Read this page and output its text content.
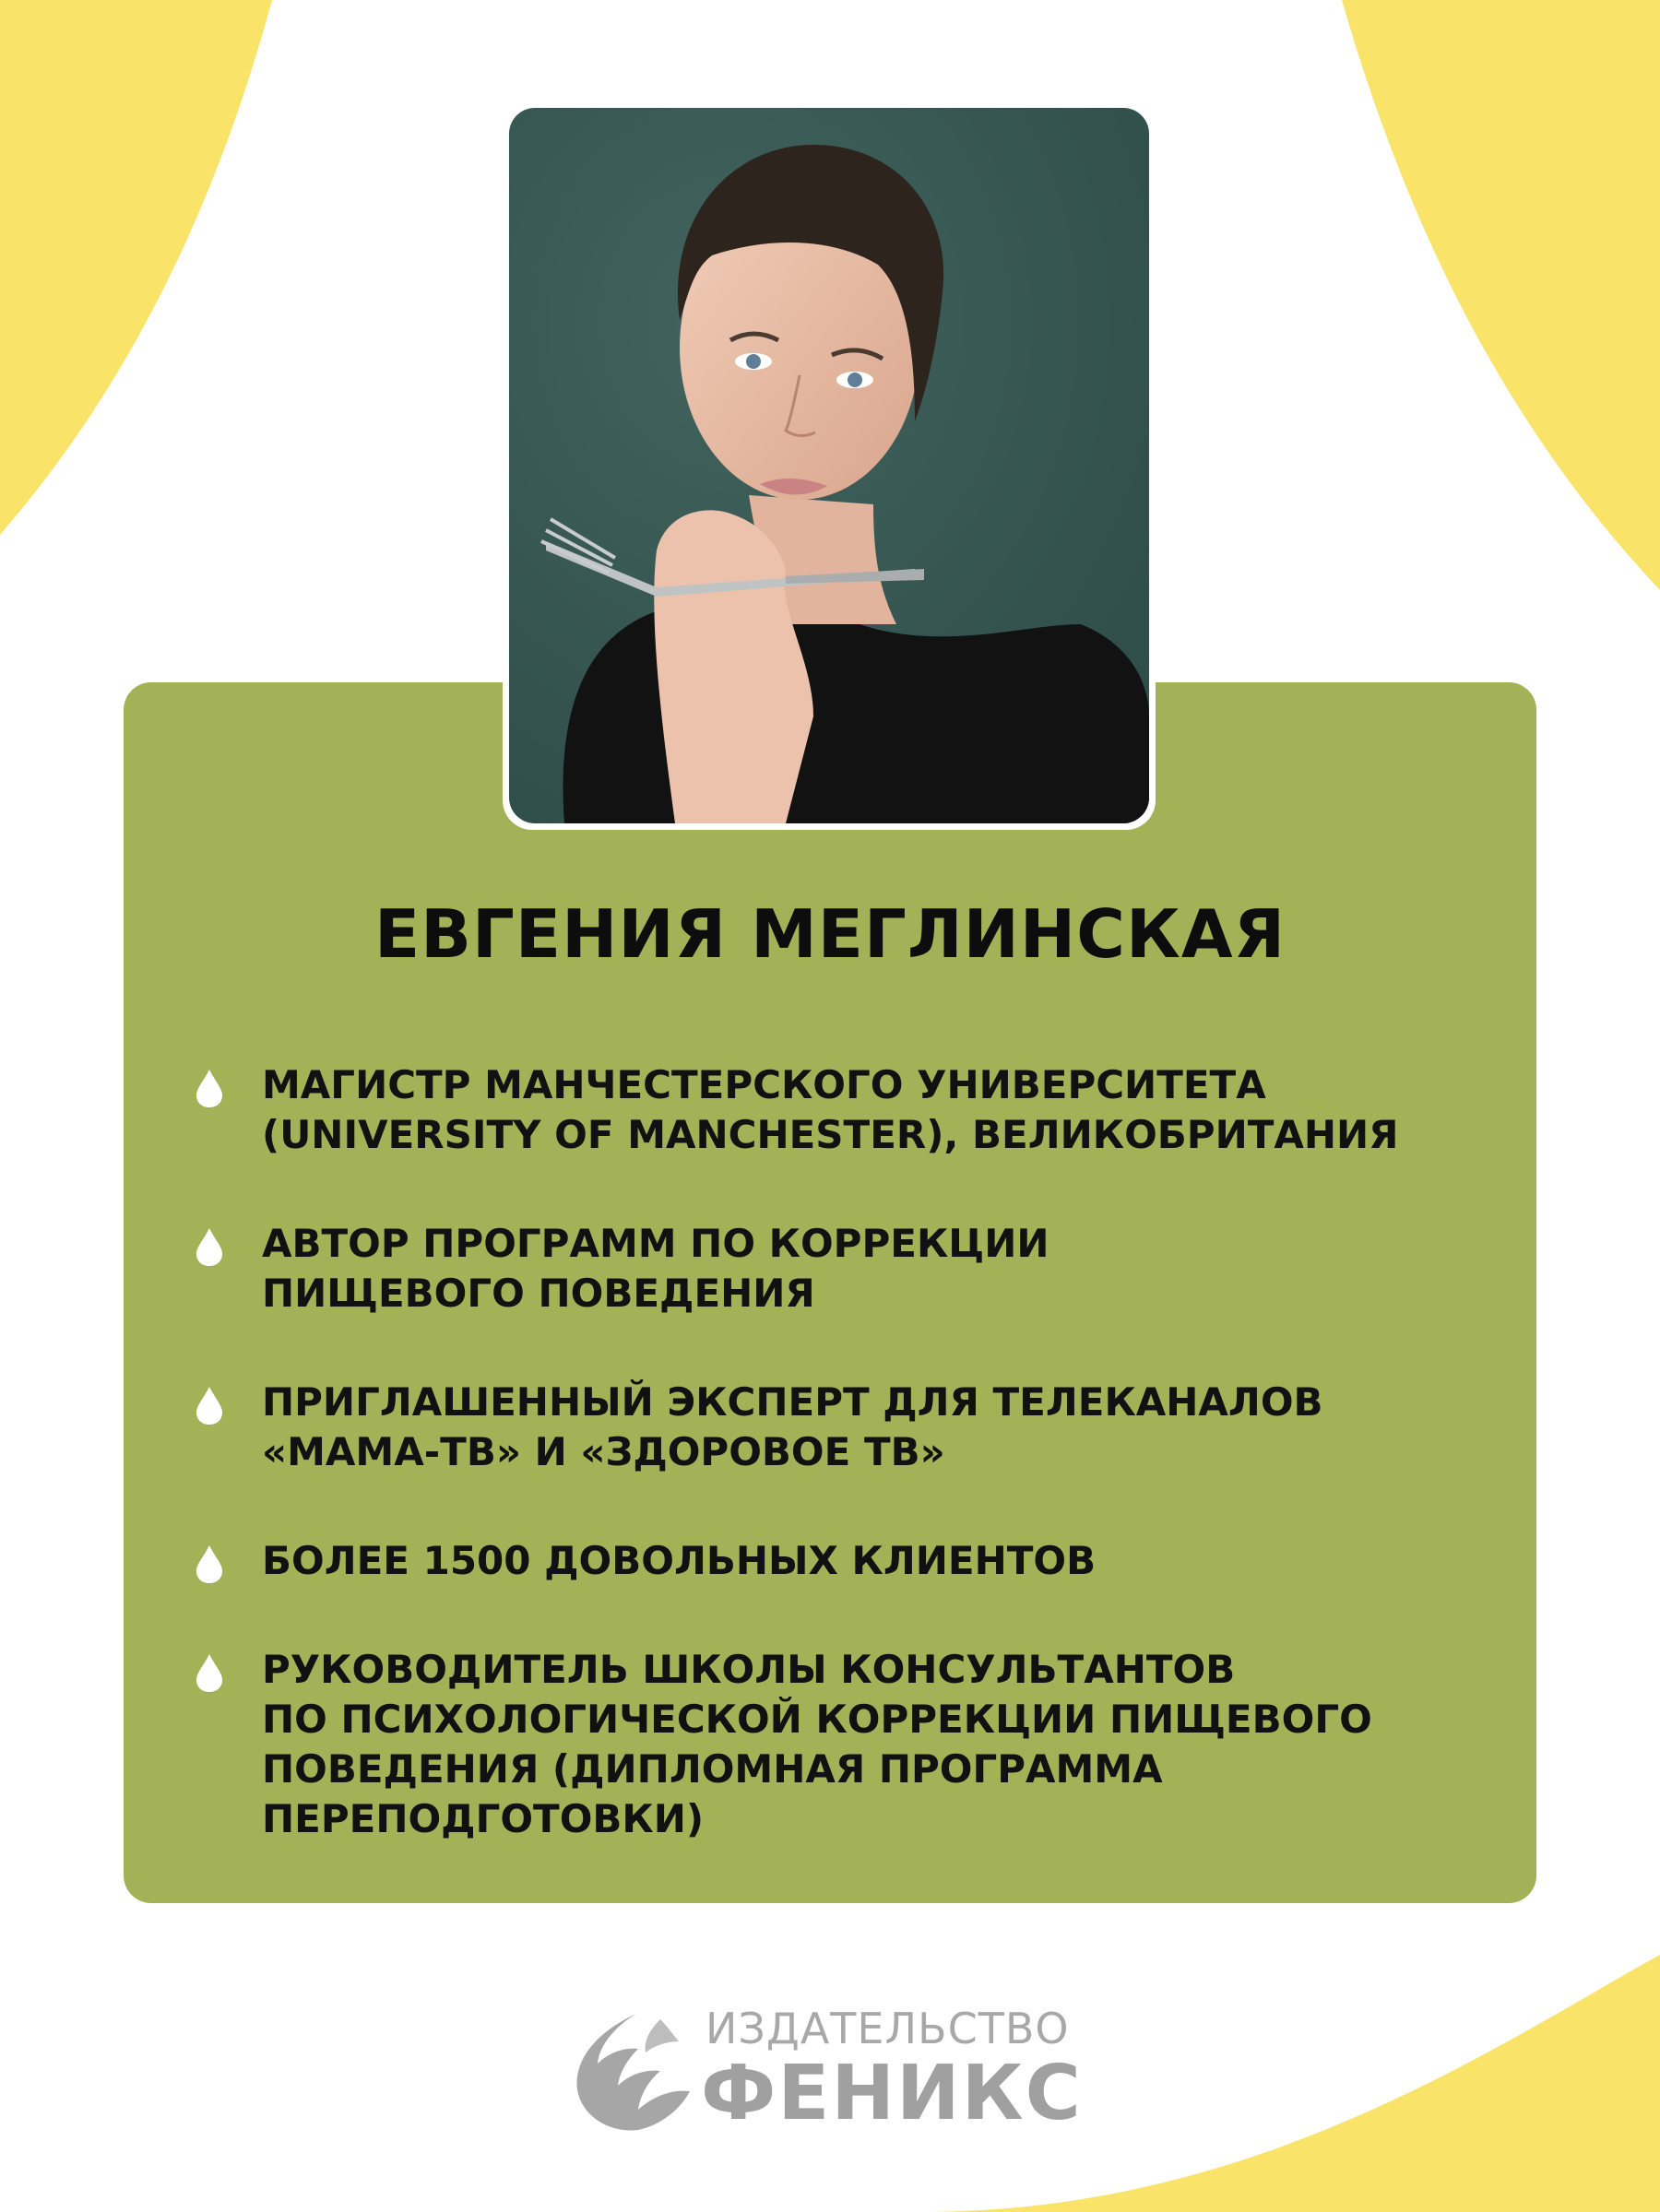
ЕВГЕНИЯ МЕГЛИНСКАЯ
МАГИСТР МАНЧЕСТЕРСКОГО УНИВЕРСИТЕТА
(UNIVERSITY OF MANCHESTER), ВЕЛИКОБРИТАНИЯ
АВТОР ПРОГРАММ ПО КОРРЕКЦИИ
ПИЩЕВОГО ПОВЕДЕНИЯ
ПРИГЛАШЕННЫЙ ЭКСПЕРТ ДЛЯ ТЕЛЕКАНАЛОВ
«МАМА-ТВ» И «ЗДОРОВОЕ ТВ»
БОЛЕЕ 1500 ДОВОЛЬНЫХ КЛИЕНТОВ
РУКОВОДИТЕЛЬ ШКОЛЫ КОНСУЛЬТАНТОВ
ПО ПСИХОЛОГИЧЕСКОЙ КОРРЕКЦИИ ПИЩЕВОГО
ПОВЕДЕНИЯ (ДИПЛОМНАЯ ПРОГРАММА
ПЕРЕПОДГОТОВКИ)
ИЗДАТЕЛЬСТВО
ФЕНИКС
